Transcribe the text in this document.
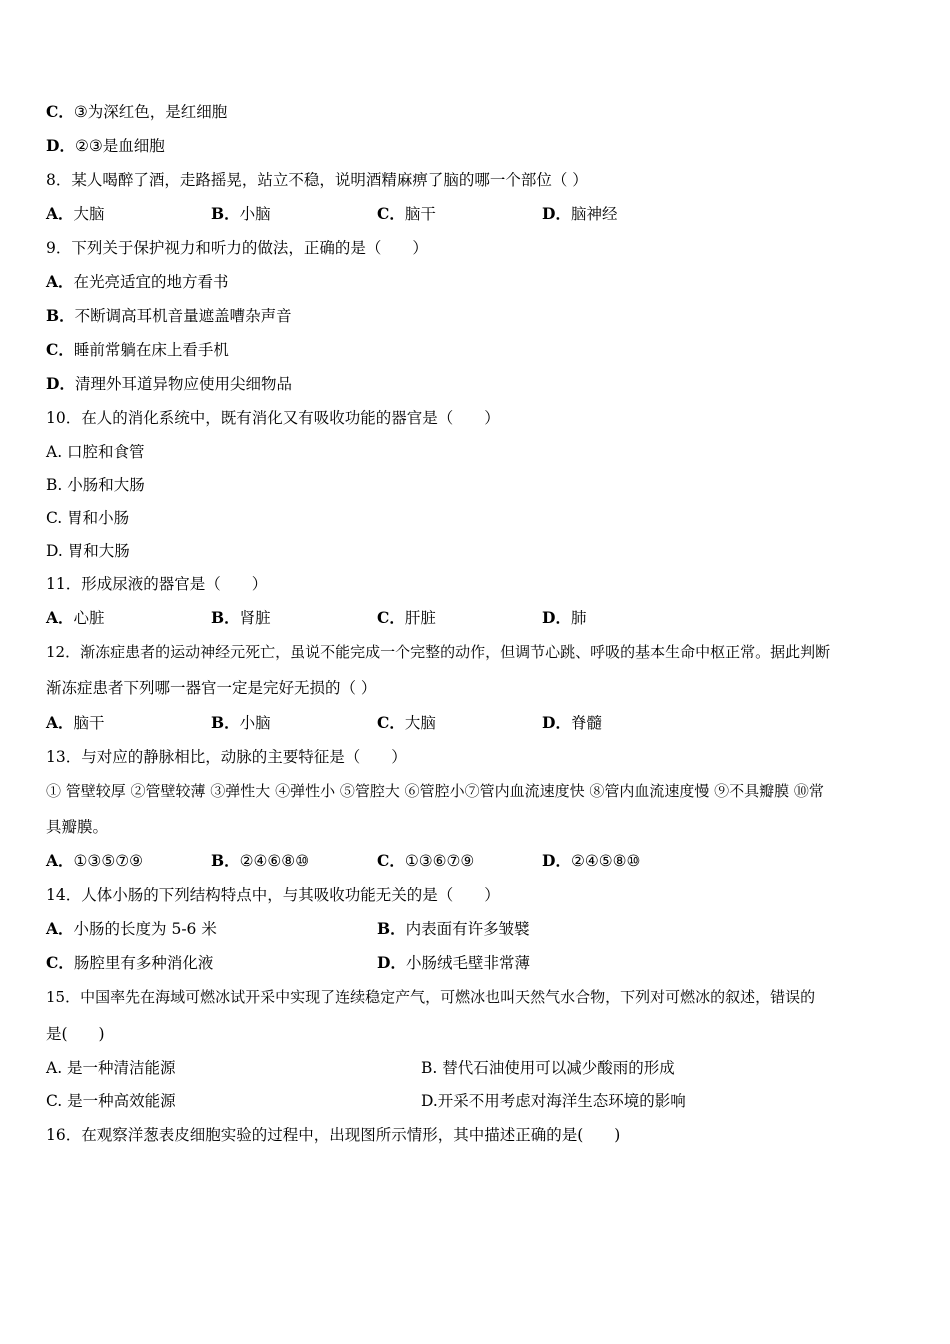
C．③为深红色，是红细胞
D．②③是血细胞
8．某人喝醉了酒，走路摇晃，站立不稳，说明酒精麻痹了脑的哪一个部位（ ）
A．大脑	B．小脑	C．脑干	D．脑神经
9．下列关于保护视力和听力的做法，正确的是（　　）
A．在光亮适宜的地方看书
B．不断调高耳机音量遮盖嘈杂声音
C．睡前常躺在床上看手机
D．清理外耳道异物应使用尖细物品
10．在人的消化系统中，既有消化又有吸收功能的器官是（　　）
A. 口腔和食管
B. 小肠和大肠
C. 胃和小肠
D. 胃和大肠
11．形成尿液的器官是（　　）
A．心脏	B．肾脏	C．肝脏	D．肺
12．渐冻症患者的运动神经元死亡，虽说不能完成一个完整的动作，但调节心跳、呼吸的基本生命中枢正常。据此判断
渐冻症患者下列哪一器官一定是完好无损的（ ）
A．脑干	B．小脑	C．大脑	D．脊髓
13．与对应的静脉相比，动脉的主要特征是（　　）
① 管壁较厚 ②管壁较薄 ③弹性大 ④弹性小 ⑤管腔大 ⑥管腔小⑦管内血流速度快 ⑧管内血流速度慢 ⑨不具瓣膜 ⑩常
具瓣膜。
A．①③⑤⑦⑨	B．②④⑥⑧⑩	C．①③⑥⑦⑨	D．②④⑤⑧⑩
14．人体小肠的下列结构特点中，与其吸收功能无关的是（　　）
A．小肠的长度为 5-6 米	B．内表面有许多皱襞
C．肠腔里有多种消化液	D．小肠绒毛壁非常薄
15．中国率先在海域可燃冰试开采中实现了连续稳定产气，可燃冰也叫天然气水合物，下列对可燃冰的叙述，错误的
是(　　)
A. 是一种清洁能源	B. 替代石油使用可以减少酸雨的形成
C. 是一种高效能源	D.开采不用考虑对海洋生态环境的影响
16．在观察洋葱表皮细胞实验的过程中，出现图所示情形，其中描述正确的是(　　)
